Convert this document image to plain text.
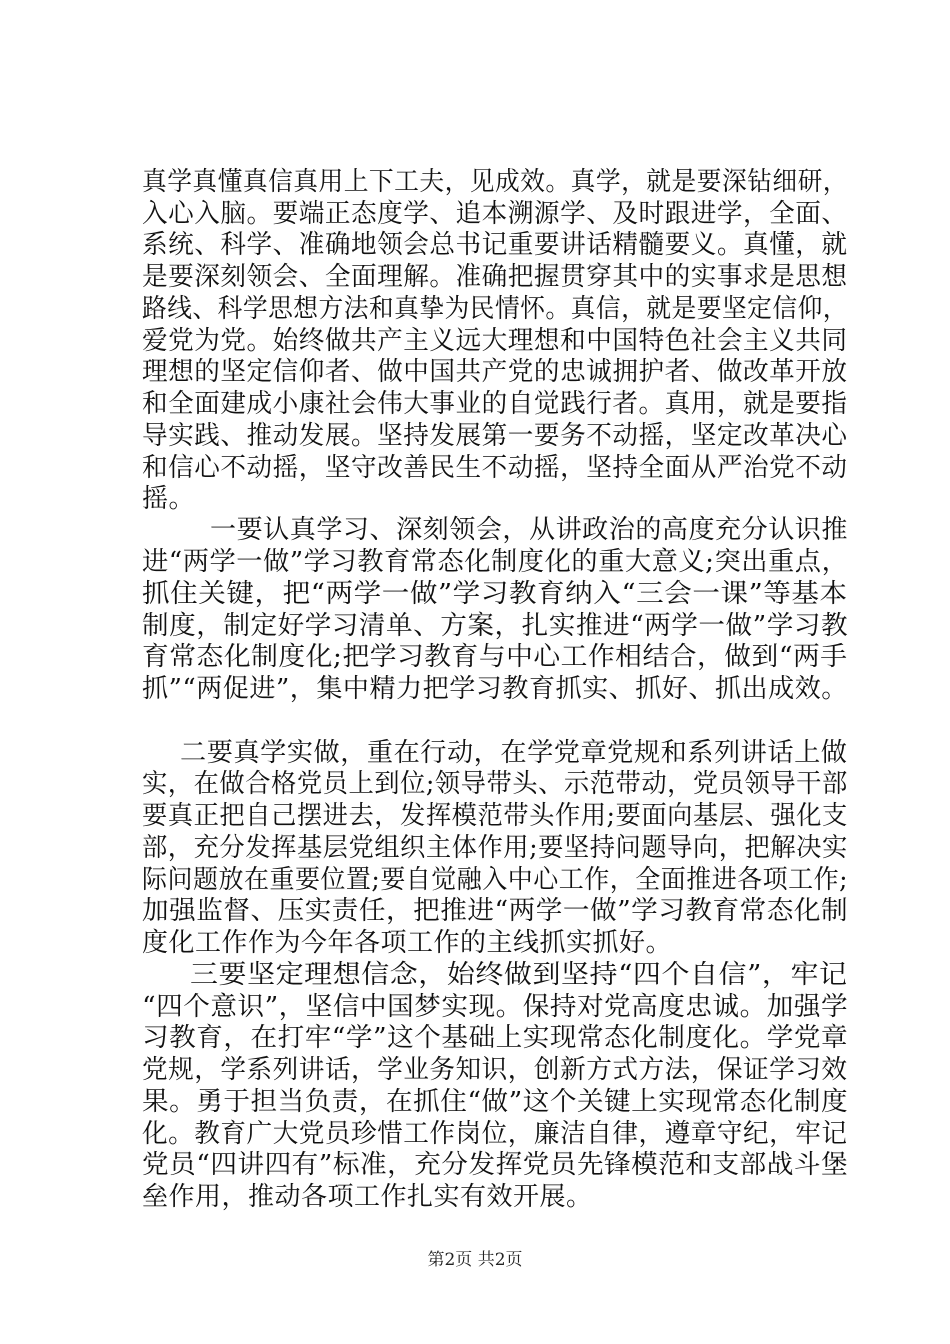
真学真懂真信真用上下工夫，见成效。真学，就是要深钻细研，
入心入脑。要端正态度学、追本溯源学、及时跟进学，全面、
系统、科学、准确地领会总书记重要讲话精髓要义。真懂，就
是要深刻领会、全面理解。准确把握贯穿其中的实事求是思想
路线、科学思想方法和真挚为民情怀。真信，就是要坚定信仰，
爱党为党。始终做共产主义远大理想和中国特色社会主义共同
理想的坚定信仰者、做中国共产党的忠诚拥护者、做改革开放
和全面建成小康社会伟大事业的自觉践行者。真用，就是要指
导实践、推动发展。坚持发展第一要务不动摇，坚定改革决心
和信心不动摇，坚守改善民生不动摇，坚持全面从严治党不动
摇。
一要认真学习、深刻领会，从讲政治的高度充分认识推
进“两学一做”学习教育常态化制度化的重大意义;突出重点，
抓住关键，把“两学一做”学习教育纳入“三会一课”等基本
制度，制定好学习清单、方案，扎实推进“两学一做”学习教
育常态化制度化;把学习教育与中心工作相结合，做到“两手
抓”“两促进”，集中精力把学习教育抓实、抓好、抓出成效。
二要真学实做，重在行动，在学党章党规和系列讲话上做
实，在做合格党员上到位;领导带头、示范带动，党员领导干部
要真正把自己摆进去，发挥模范带头作用;要面向基层、强化支
部，充分发挥基层党组织主体作用;要坚持问题导向，把解决实
际问题放在重要位置;要自觉融入中心工作，全面推进各项工作;
加强监督、压实责任，把推进“两学一做”学习教育常态化制
度化工作作为今年各项工作的主线抓实抓好。
三要坚定理想信念，始终做到坚持“四个自信”，牢记
“四个意识”，坚信中国梦实现。保持对党高度忠诚。加强学
习教育，在打牢“学”这个基础上实现常态化制度化。学党章
党规，学系列讲话，学业务知识，创新方式方法，保证学习效
果。勇于担当负责，在抓住“做”这个关键上实现常态化制度
化。教育广大党员珍惜工作岗位，廉洁自律，遵章守纪，牢记
党员“四讲四有”标准，充分发挥党员先锋模范和支部战斗堡
垒作用，推动各项工作扎实有效开展。
第2页 共2页
